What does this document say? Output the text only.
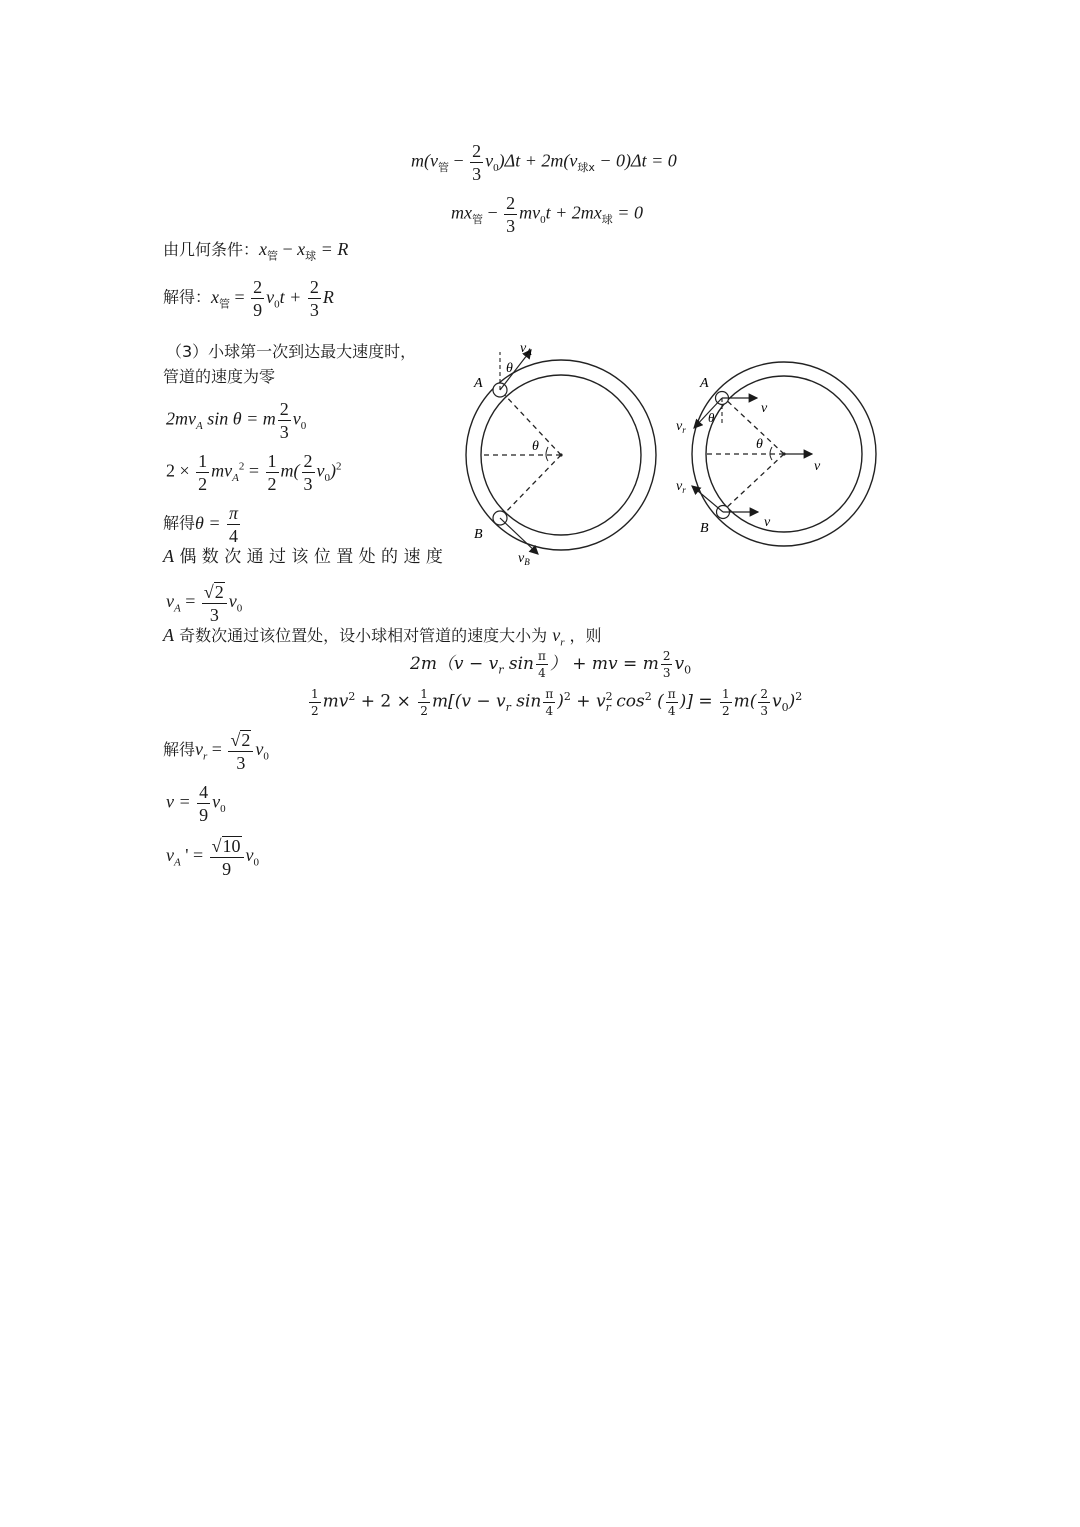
$m(v_管 - \frac{2}{3} v_0)\Delta t + 2m(v_{球x} - 0)\Delta t = 0$
$mx_管 - \frac{2}{3} mv_0t + 2mx_球 = 0$
由几何条件：$x_管 - x_球 = R$
解得：$x_管 = \frac{2}{9} v_0t + \frac{2}{3}$ R
（3）小球第一次到达最大速度时，
管道的速度为零
$2mv_A$ sin θ = m $\frac{2}{3} v_0$
$2 \times \frac{1}{2} mv_A^2 = \frac{1}{2} m( \frac{2}{3} v_0)^2$
解得$\theta = \frac{\pi}{4}$
A 偶 数 次 通 过 该 位 置 处 的 速 度
$v_A = \frac{√2}{3} v_0$
A 奇数次通过该位置处，设小球相对管道的速度大小为 $v_r$ ，则
$2m(v - v_r$ $\sin \frac{\pi}{4}$ ） + mv = m $\frac{2}{3} v_0$
$\frac{1}{2} mv^2 + 2 \times \frac{1}{2} m[(v - v_r$ $\sin \frac{\pi}{4} )^2 + v^2_r$ $\cos^2$ ( $\frac{\pi}{4}$ )] = $\frac{1}{2} m( \frac{2}{3} v_0)^2$
解得$v_r = \frac{√2}{3} v_0$
$v = \frac{4}{9} v_0$
$v_A$ ' = $\frac{√10}{9} v_0$
$v_A$
θ
A
θ
B
$v_B$
A
v
$v_r$
θ
θ
v
$v_r$
B	v
